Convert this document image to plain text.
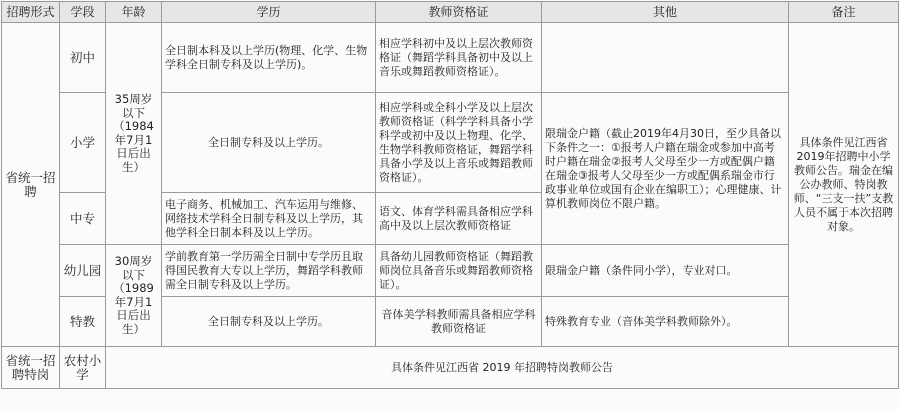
招聘形式	学段	年龄	学历	教师资格证	其他	备注
省统一招聘	初中	35周岁以下（1984年7月1日后出生）	全日制本科及以上学历(物理、化学、生物学科全日制专科及以上学历)。	相应学科初中及以上层次教师资格证（舞蹈学科具备初中及以上音乐或舞蹈教师资格证）。		具体条件见江西省2019年招聘中小学教师公告。瑞金在编公办教师、特岗教师、“三支一扶”支教人员不属于本次招聘对象。
	小学		全日制专科及以上学历。	相应学科或全科小学及以上层次教师资格证（科学学科具备小学科学或初中及以上物理、化学、生物学科教师资格证，舞蹈学科具备小学及以上音乐或舞蹈教师资格证）。	限瑞金户籍（截止2019年4月30日，至少具备以下条件之一：①报考人户籍在瑞金或参加中高考时户籍在瑞金②报考人父母至少一方或配偶户籍在瑞金③报考人父母至少一方或配偶系瑞金市行政事业单位或国有企业在编职工）；心理健康、计算机教师岗位不限户籍。	
	中专		电子商务、机械加工、汽车运用与维修、网络技术学科全日制专科及以上学历，其他学科全日制本科及以上学历。	语文、体育学科需具备相应学科高中及以上层次教师资格证		
	幼儿园	30周岁以下（1989年7月1日后出生）	学前教育第一学历需全日制中专学历且取得国民教育大专以上学历，舞蹈学科教师需全日制专科及以上学历。	具备幼儿园教师资格证（舞蹈教师岗位具备音乐或舞蹈教师资格证）。	限瑞金户籍（条件同小学），专业对口。	
	特教		全日制专科及以上学历。	音体美学科教师需具备相应学科教师资格证	特殊教育专业（音体美学科教师除外）。	
省统一招聘特岗	农村小学	具体条件见江西省 2019 年招聘特岗教师公告				
